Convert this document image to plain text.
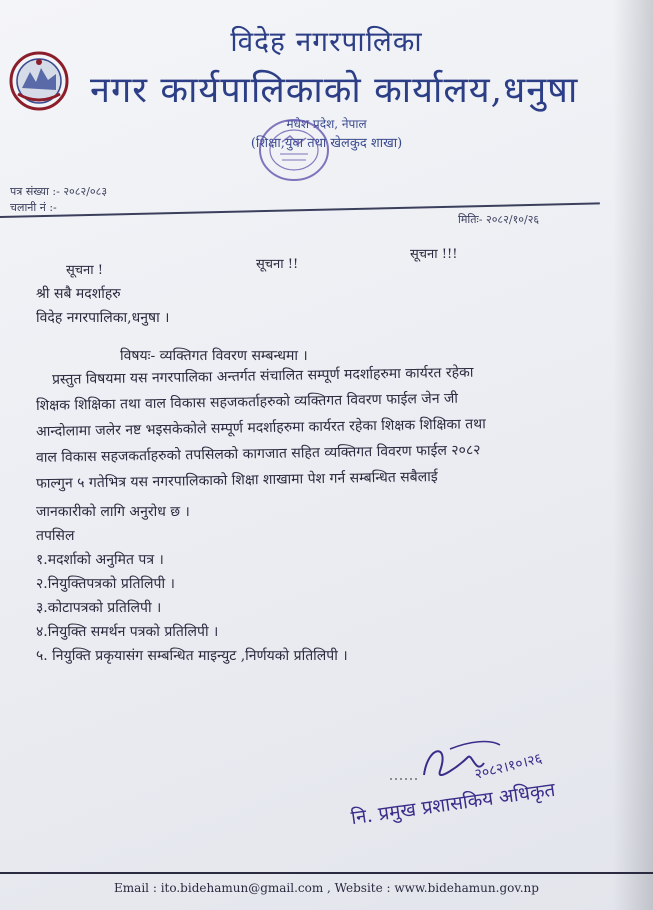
विदेह नगरपालिका
नगर कार्यपालिकाको कार्यालय,धनुषा
मधेश प्रदेश, नेपाल
(शिक्षा,युवा तथा खेलकुद शाखा)
पत्र संख्या :- २०८२/०८३
चलानी नं :-
मितिः- २०८२/१०/२६
सूचना !	सूचना !!
सूचना !!!
श्री सबै मदर्शाहरु
विदेह नगरपालिका,धनुषा ।
विषयः- व्यक्तिगत विवरण सम्बन्धमा ।
प्रस्तुत विषयमा यस नगरपालिका अन्तर्गत संचालित सम्पूर्ण मदर्शाहरुमा कार्यरत रहेका
शिक्षक शिक्षिका तथा वाल विकास सहजकर्ताहरुको व्यक्तिगत विवरण फाईल जेन जी
आन्दोलामा जलेर नष्ट भइसकेकोले सम्पूर्ण मदर्शाहरुमा कार्यरत रहेका शिक्षक शिक्षिका तथा
वाल विकास सहजकर्ताहरुको तपसिलको कागजात सहित व्यक्तिगत विवरण फाईल २०८२
फाल्गुन ५ गतेभित्र यस नगरपालिकाको शिक्षा शाखामा पेश गर्न सम्बन्धित सबैलाई
जानकारीको लागि अनुरोध छ ।
तपसिल
१.मदर्शाको अनुमित पत्र ।
२.नियुक्तिपत्रको प्रतिलिपी ।
३.कोटापत्रको प्रतिलिपी ।
४.नियुक्ति समर्थन पत्रको प्रतिलिपी ।
५. नियुक्ति प्रकृयासंग सम्बन्धित माइन्युट ,निर्णयको प्रतिलिपी ।
२०८२।१०।२६
नि. प्रमुख प्रशासकिय अधिकृत
Email : ito.bidehamun@gmail.com , Website : www.bidehamun.gov.np
